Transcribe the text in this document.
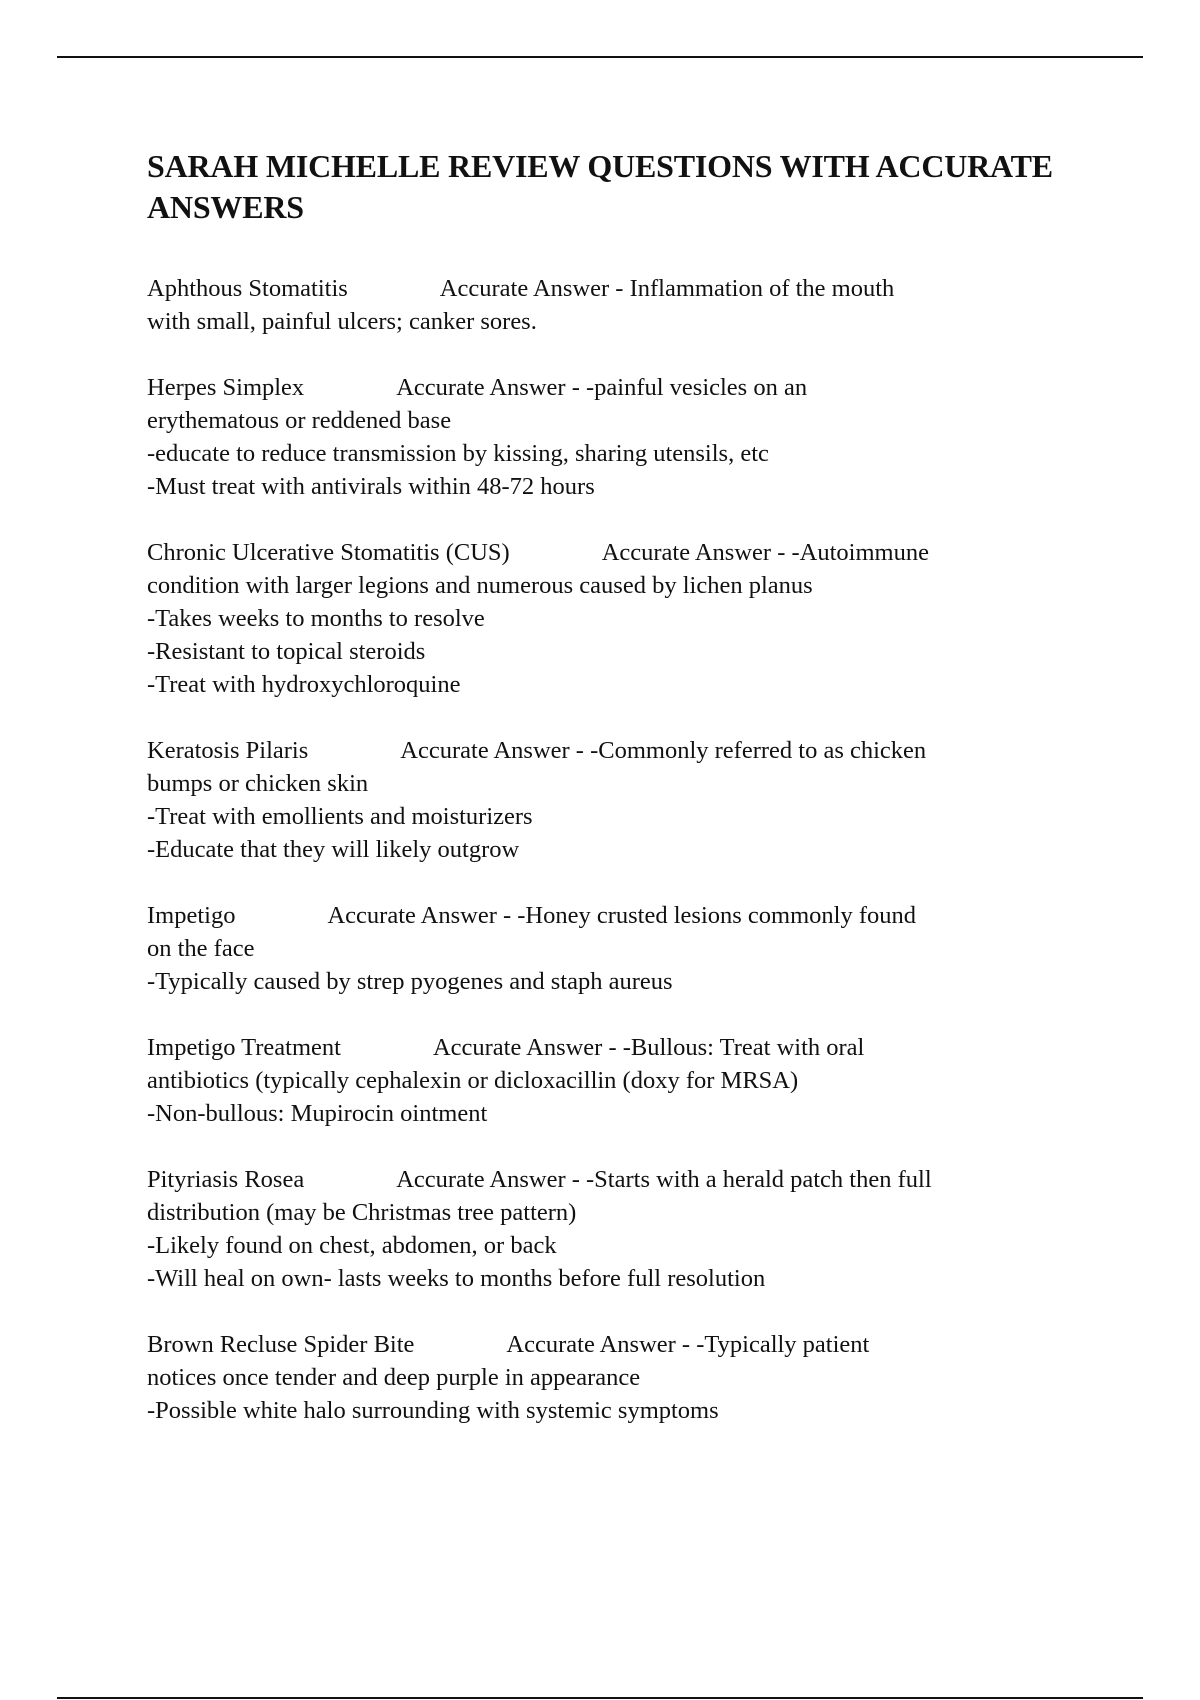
SARAH MICHELLE REVIEW QUESTIONS WITH ACCURATE ANSWERS
Aphthous Stomatitis	Accurate Answer - Inflammation of the mouth
with small, painful ulcers; canker sores.
Herpes Simplex	Accurate Answer - -painful vesicles on an
erythematous or reddened base
-educate to reduce transmission by kissing, sharing utensils, etc
-Must treat with antivirals within 48-72 hours
Chronic Ulcerative Stomatitis (CUS)	Accurate Answer - -Autoimmune
condition with larger legions and numerous caused by lichen planus
-Takes weeks to months to resolve
-Resistant to topical steroids
-Treat with hydroxychloroquine
Keratosis Pilaris	Accurate Answer - -Commonly referred to as chicken
bumps or chicken skin
-Treat with emollients and moisturizers
-Educate that they will likely outgrow
Impetigo	Accurate Answer - -Honey crusted lesions commonly found
on the face
-Typically caused by strep pyogenes and staph aureus
Impetigo Treatment	Accurate Answer - -Bullous: Treat with oral
antibiotics (typically cephalexin or dicloxacillin (doxy for MRSA)
-Non-bullous: Mupirocin ointment
Pityriasis Rosea	Accurate Answer - -Starts with a herald patch then full
distribution (may be Christmas tree pattern)
-Likely found on chest, abdomen, or back
-Will heal on own- lasts weeks to months before full resolution
Brown Recluse Spider Bite	Accurate Answer - -Typically patient
notices once tender and deep purple in appearance
-Possible white halo surrounding with systemic symptoms
